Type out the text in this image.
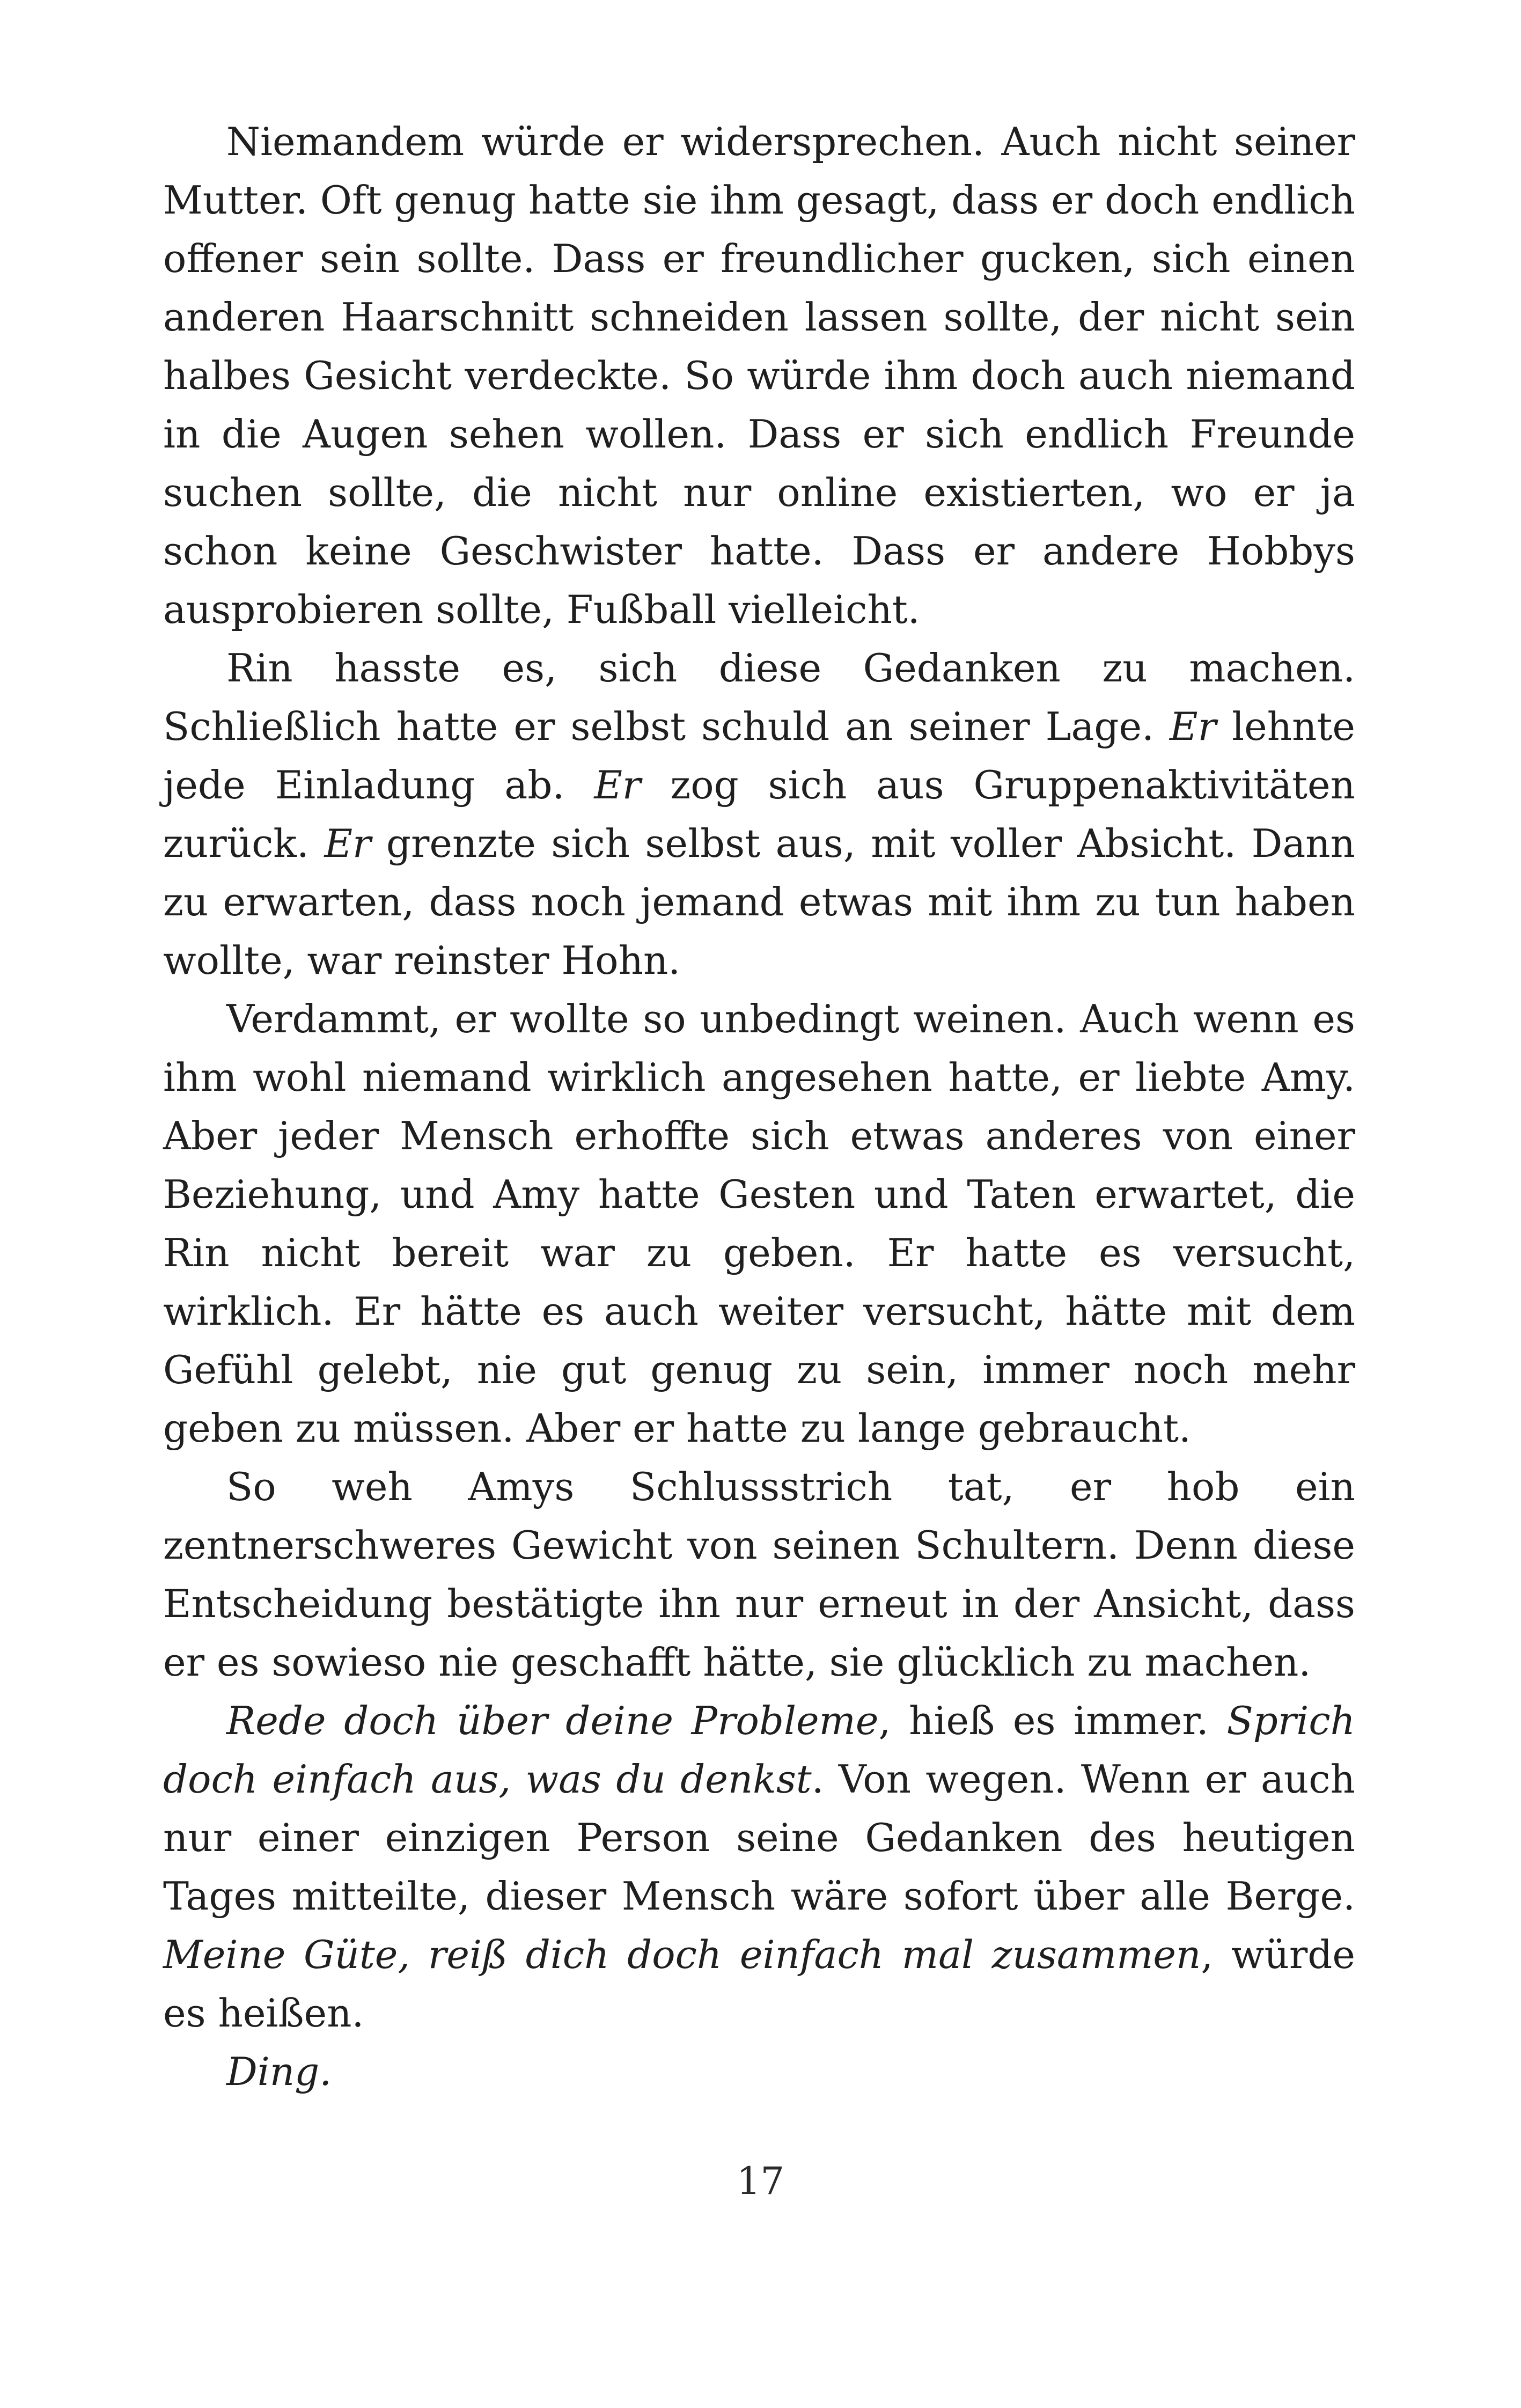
Niemandem würde er widersprechen. Auch nicht seiner Mutter. Oft genug hatte sie ihm gesagt, dass er doch endlich offener sein sollte. Dass er freundlicher gucken, sich einen anderen Haarschnitt schneiden lassen sollte, der nicht sein halbes Gesicht verdeckte. So würde ihm doch auch niemand in die Augen sehen wollen. Dass er sich endlich Freunde suchen sollte, die nicht nur online existierten, wo er ja schon keine Geschwister hatte. Dass er andere Hobbys ausprobieren sollte, Fußball vielleicht.

Rin hasste es, sich diese Gedanken zu machen. Schließlich hatte er selbst schuld an seiner Lage. Er lehnte jede Einladung ab. Er zog sich aus Gruppenaktivitäten zurück. Er grenzte sich selbst aus, mit voller Absicht. Dann zu erwarten, dass noch jemand etwas mit ihm zu tun haben wollte, war reinster Hohn.

Verdammt, er wollte so unbedingt weinen. Auch wenn es ihm wohl niemand wirklich angesehen hatte, er liebte Amy. Aber jeder Mensch erhoffte sich etwas anderes von einer Beziehung, und Amy hatte Gesten und Taten erwartet, die Rin nicht bereit war zu geben. Er hatte es versucht, wirklich. Er hätte es auch weiter versucht, hätte mit dem Gefühl gelebt, nie gut genug zu sein, immer noch mehr geben zu müssen. Aber er hatte zu lange gebraucht.

So weh Amys Schlussstrich tat, er hob ein zentnerschweres Gewicht von seinen Schultern. Denn diese Entscheidung bestätigte ihn nur erneut in der Ansicht, dass er es sowieso nie geschafft hätte, sie glücklich zu machen.

Rede doch über deine Probleme, hieß es immer. Sprich doch einfach aus, was du denkst. Von wegen. Wenn er auch nur einer einzigen Person seine Gedanken des heutigen Tages mitteilte, dieser Mensch wäre sofort über alle Berge. Meine Güte, reiß dich doch einfach mal zusammen, würde es heißen.

Ding.

17
